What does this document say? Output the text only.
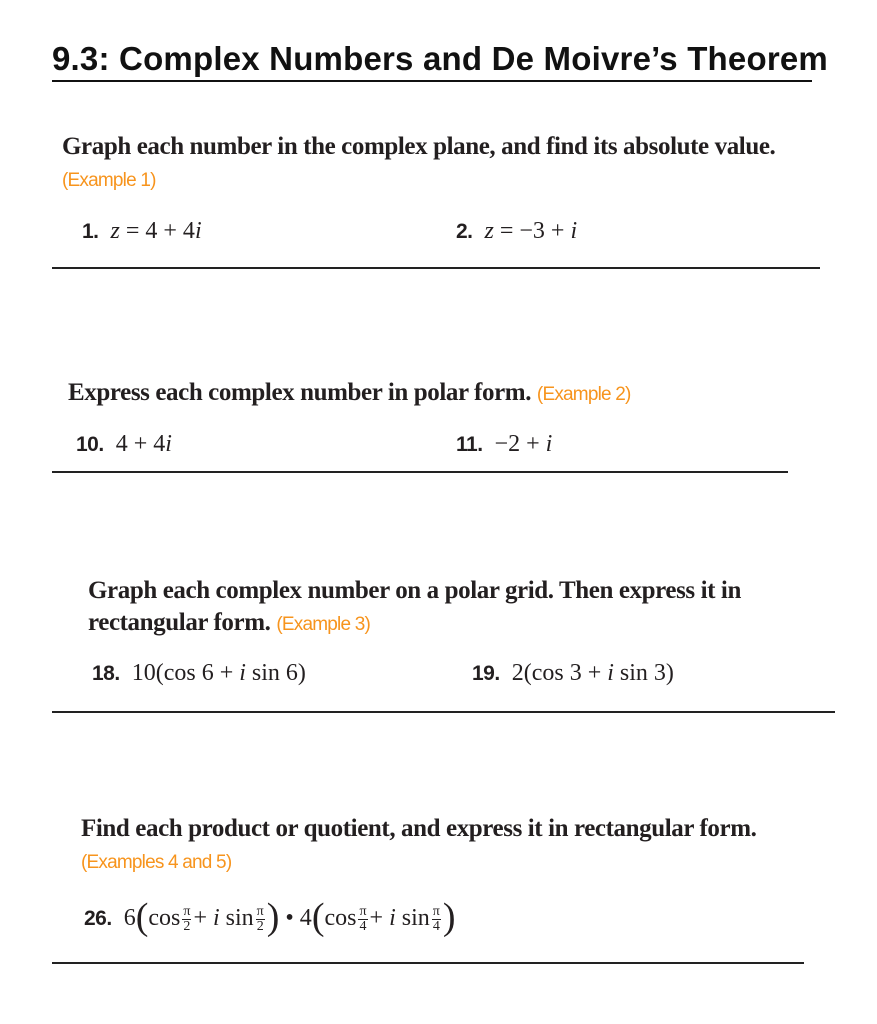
9.3: Complex Numbers and De Moivre’s Theorem
Graph each number in the complex plane, and find its absolute value. (Example 1)
1. z = 4 + 4i	2. z = −3 + i
Express each complex number in polar form. (Example 2)
10. 4 + 4i	11. −2 + i
Graph each complex number on a polar grid. Then express it in rectangular form. (Example 3)
18. 10(cos 6 + i sin 6)	19. 2(cos 3 + i sin 3)
Find each product or quotient, and express it in rectangular form. (Examples 4 and 5)
26. $6(\cos \frac{\pi}{2} + i$ $\sin \frac{\pi}{2}$ ) • $4(\cos \frac{\pi}{4} + i$ $\sin \frac{\pi}{4}$ )
